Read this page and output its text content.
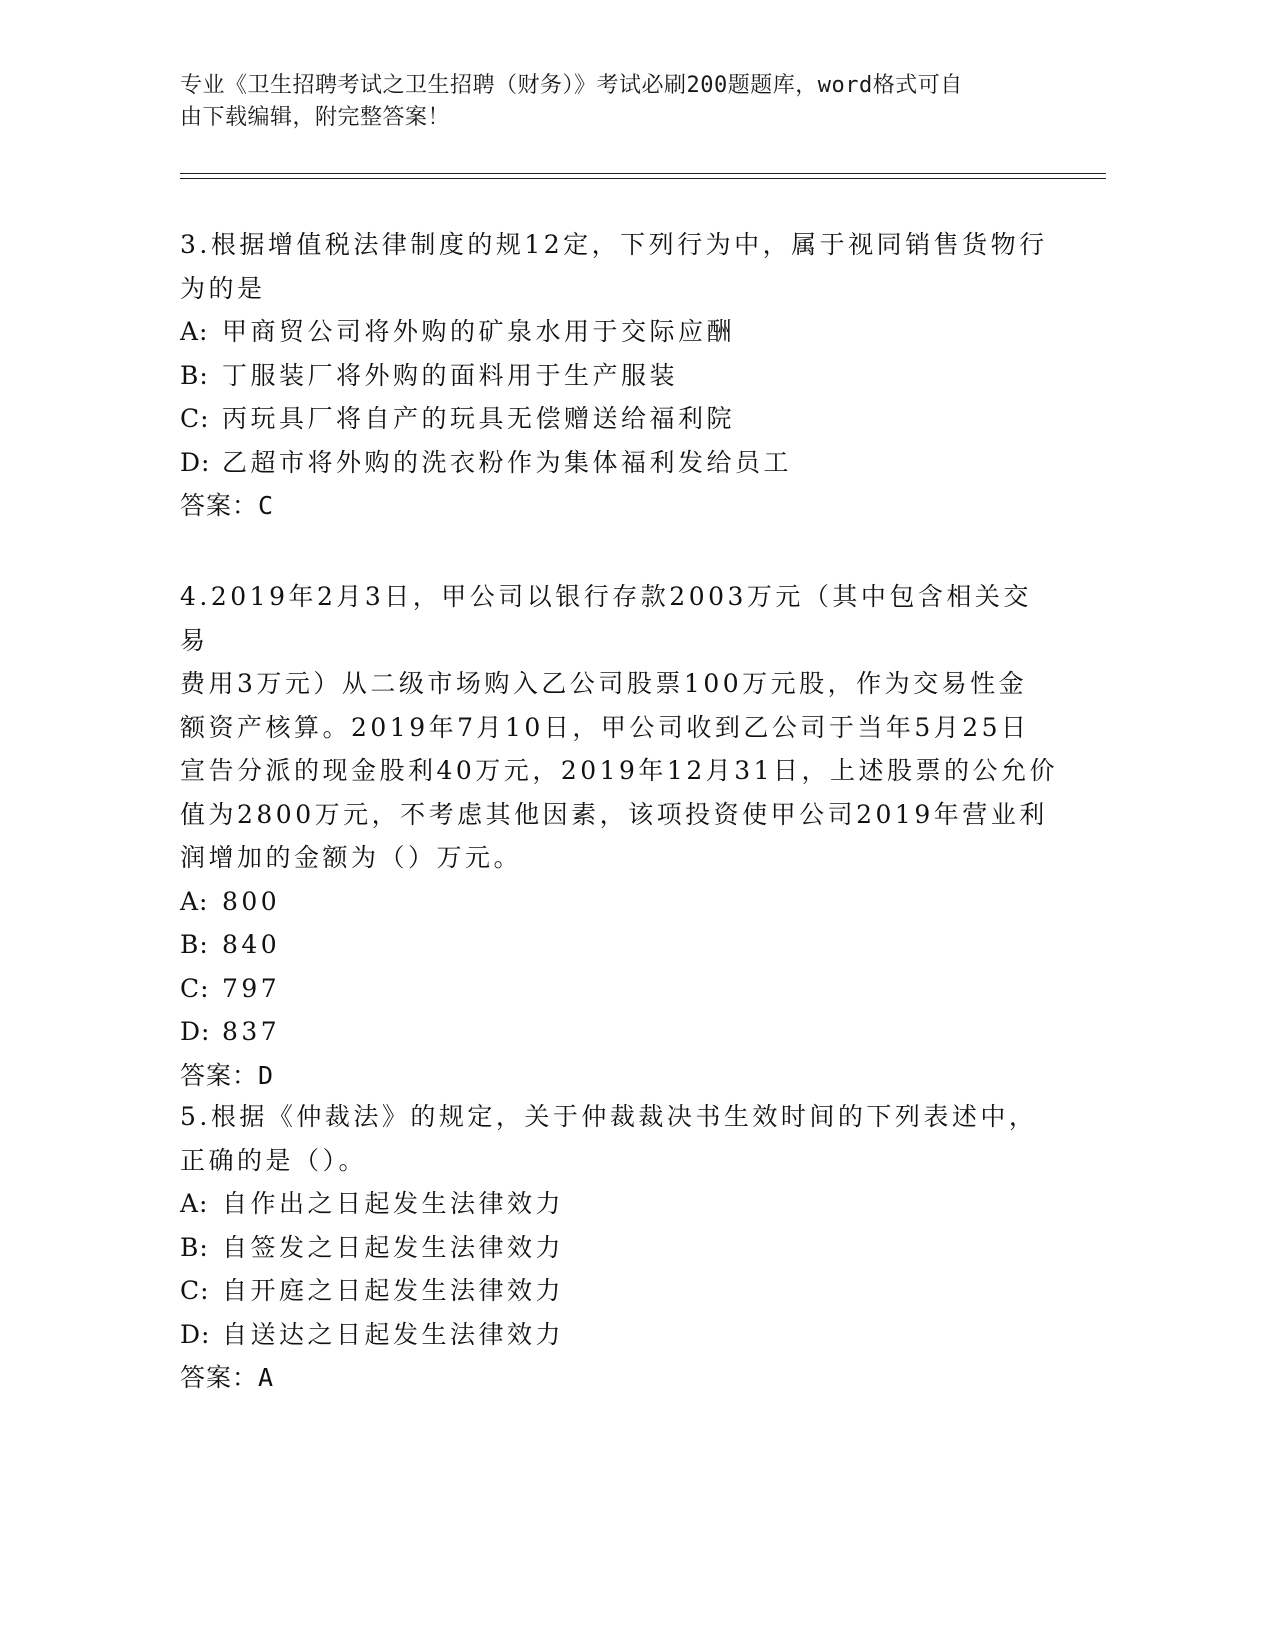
专业《卫生招聘考试之卫生招聘（财务）》考试必刷200题题库，word格式可自
由下载编辑，附完整答案！

3.根据增值税法律制度的规12定，下列行为中，属于视同销售货物行
为的是

A: 甲商贸公司将外购的矿泉水用于交际应酬

B: 丁服装厂将外购的面料用于生产服装

C: 丙玩具厂将自产的玩具无偿赠送给福利院

D: 乙超市将外购的洗衣粉作为集体福利发给员工

答案：C

4.2019年2月3日，甲公司以银行存款2003万元（其中包含相关交易
费用3万元）从二级市场购入乙公司股票100万元股，作为交易性金
额资产核算。2019年7月10日，甲公司收到乙公司于当年5月25日
宣告分派的现金股利40万元，2019年12月31日，上述股票的公允价
值为2800万元，不考虑其他因素，该项投资使甲公司2019年营业利
润增加的金额为（）万元。

A: 800

B: 840

C: 797

D: 837

答案：D

5.根据《仲裁法》的规定，关于仲裁裁决书生效时间的下列表述中，
正确的是（）。

A: 自作出之日起发生法律效力

B: 自签发之日起发生法律效力

C: 自开庭之日起发生法律效力

D: 自送达之日起发生法律效力

答案：A
